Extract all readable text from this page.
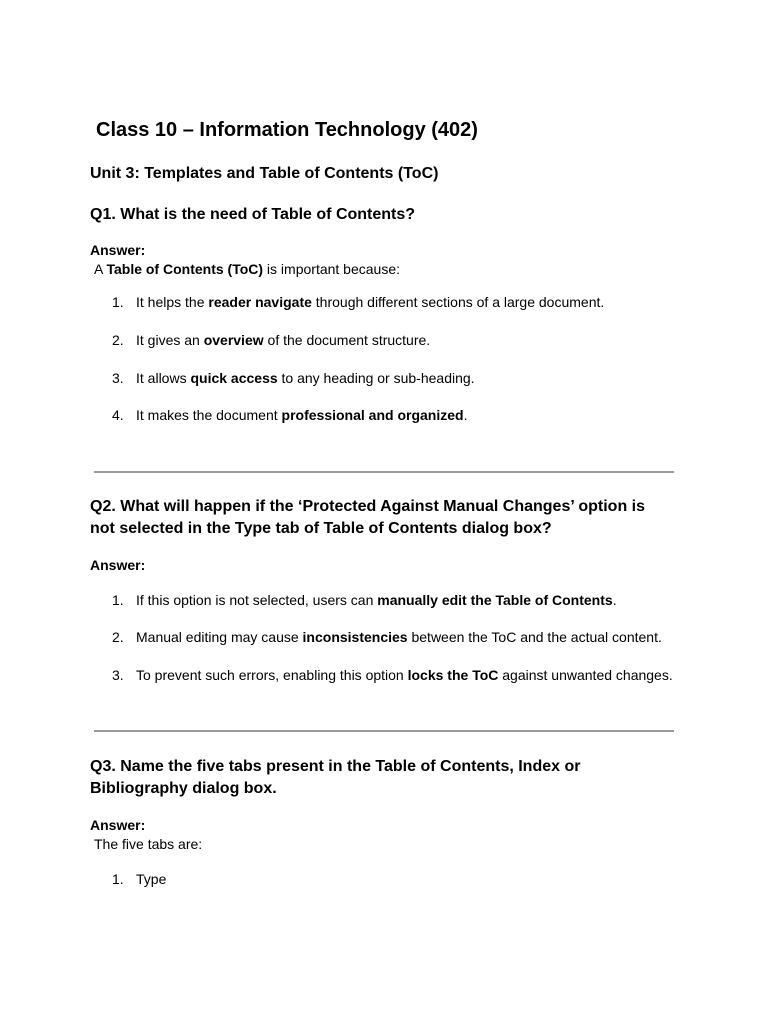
Class 10 – Information Technology (402)
Unit 3: Templates and Table of Contents (ToC)
Q1. What is the need of Table of Contents?

Answer:

A Table of Contents (ToC) is important because:

1. It helps the reader navigate through different sections of a large document.

2. It gives an overview of the document structure.

3. It allows quick access to any heading or sub-heading.

4. It makes the document professional and organized.

Q2. What will happen if the ‘Protected Against Manual Changes’ option is
not selected in the Type tab of Table of Contents dialog box?

Answer:

1. If this option is not selected, users can manually edit the Table of Contents.

2. Manual editing may cause inconsistencies between the ToC and the actual content.

3. To prevent such errors, enabling this option locks the ToC against unwanted changes.

Q3. Name the five tabs present in the Table of Contents, Index or
Bibliography dialog box.

Answer:

The five tabs are:

1. Type
